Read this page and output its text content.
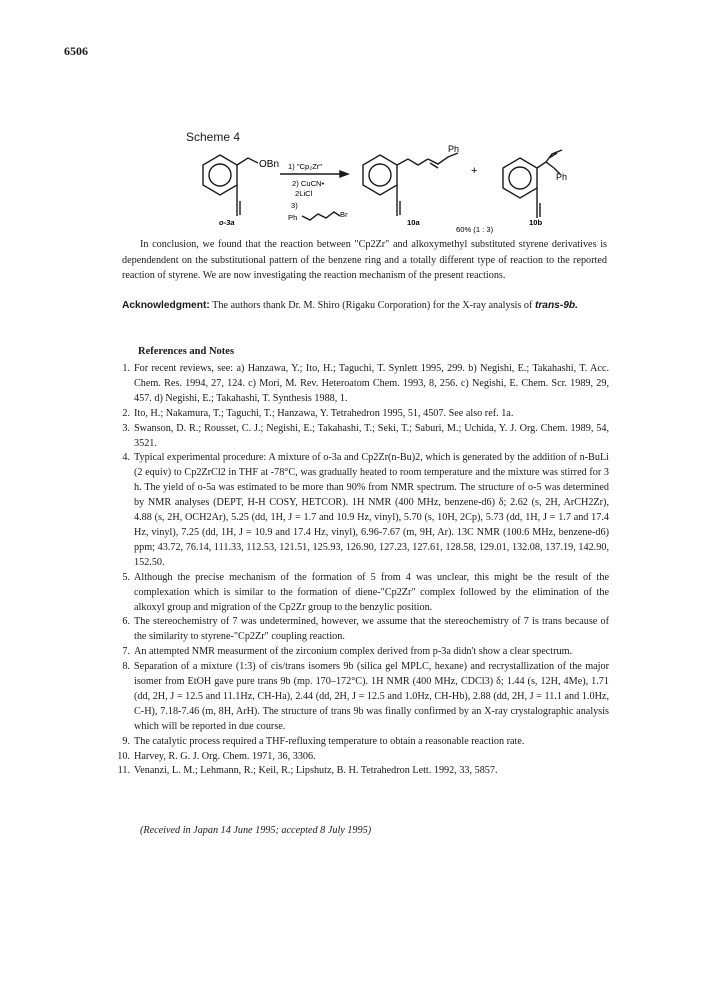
6506
Scheme 4
OBn 1) "Cp₂Zr"
2) CuCN•
2LiCl
3)
Ph	Br
o-3a
Ph
+	Ph
10a	10b
60% (1 : 3)

In conclusion, we found that the reaction between "Cp2Zr" and alkoxymethyl substituted styrene derivatives is dependendent on the substitutional pattern of the benzene ring and a totally different type of reaction to the reported reaction of styrene. We are now investigating the reaction mechanism of the present reactions.

Acknowledgment: The authors thank Dr. M. Shiro (Rigaku Corporation) for the X-ray analysis of trans-9b.

References and Notes
1. For recent reviews, see: a) Hanzawa, Y.; Ito, H.; Taguchi, T. Synlett 1995, 299. b) Negishi, E.; Takahashi, T. Acc. Chem. Res. 1994, 27, 124. c) Mori, M. Rev. Heteroatom Chem. 1993, 8, 256. c) Negishi, E. Chem. Scr. 1989, 29, 457. d) Negishi, E.; Takahashi, T. Synthesis 1988, 1.
2. Ito, H.; Nakamura, T.; Taguchi, T.; Hanzawa, Y. Tetrahedron 1995, 51, 4507. See also ref. 1a.
3. Swanson, D. R.; Rousset, C. J.; Negishi, E.; Takahashi, T.; Seki, T.; Saburi, M.; Uchida, Y. J. Org. Chem. 1989, 54, 3521.
4. Typical experimental procedure: A mixture of o-3a and Cp2Zr(n-Bu)2, which is generated by the addition of n-BuLi (2 equiv) to Cp2ZrCl2 in THF at -78°C, was gradually heated to room temperature and the mixture was stirred for 3 h. The yield of o-5a was estimated to be more than 90% from NMR spectrum. The structure of o-5 was determined by NMR analyses (DEPT, H-H COSY, HETCOR). 1H NMR (400 MHz, benzene-d6) δ; 2.62 (s, 2H, ArCH2Zr), 4.88 (s, 2H, OCH2Ar), 5.25 (dd, 1H, J = 1.7 and 10.9 Hz, vinyl), 5.70 (s, 10H, 2Cp), 5.73 (dd, 1H, J = 1.7 and 17.4 Hz, vinyl), 7.25 (dd, 1H, J = 10.9 and 17.4 Hz, vinyl), 6.96-7.67 (m, 9H, Ar). 13C NMR (100.6 MHz, benzene-d6) ppm; 43.72, 76.14, 111.33, 112.53, 121.51, 125.93, 126.90, 127.23, 127.61, 128.58, 129.01, 132.08, 137.19, 142.90, 152.50.
5. Although the precise mechanism of the formation of 5 from 4 was unclear, this might be the result of the complexation which is similar to the formation of diene-"Cp2Zr" complex followed by the elimination of the alkoxyl group and migration of the Cp2Zr group to the benzylic position.
6. The stereochemistry of 7 was undetermined, however, we assume that the stereochemistry of 7 is trans because of the similarity to styrene-"Cp2Zr" coupling reaction.
7. An attempted NMR measurment of the zirconium complex derived from p-3a didn't show a clear spectrum.
8. Separation of a mixture (1:3) of cis/trans isomers 9b (silica gel MPLC, hexane) and recrystallization of the major isomer from EtOH gave pure trans 9b (mp. 170–172°C). 1H NMR (400 MHz, CDCl3) δ; 1.44 (s, 12H, 4Me), 1.71 (dd, 2H, J = 12.5 and 11.1Hz, CH-Ha), 2.44 (dd, 2H, J = 12.5 and 1.0Hz, CH-Hb), 2.88 (dd, 2H, J = 11.1 and 1.0Hz, C-H), 7.18-7.46 (m, 8H, ArH). The structure of trans 9b was finally confirmed by an X-ray crystalographic analysis which will be reported in due course.
9. The catalytic process required a THF-refluxing temperature to obtain a reasonable reaction rate.
10. Harvey, R. G. J. Org. Chem. 1971, 36, 3306.
11. Venanzi, L. M.; Lehmann, R.; Keil, R.; Lipshutz, B. H. Tetrahedron Lett. 1992, 33, 5857.
(Received in Japan 14 June 1995; accepted 8 July 1995)
